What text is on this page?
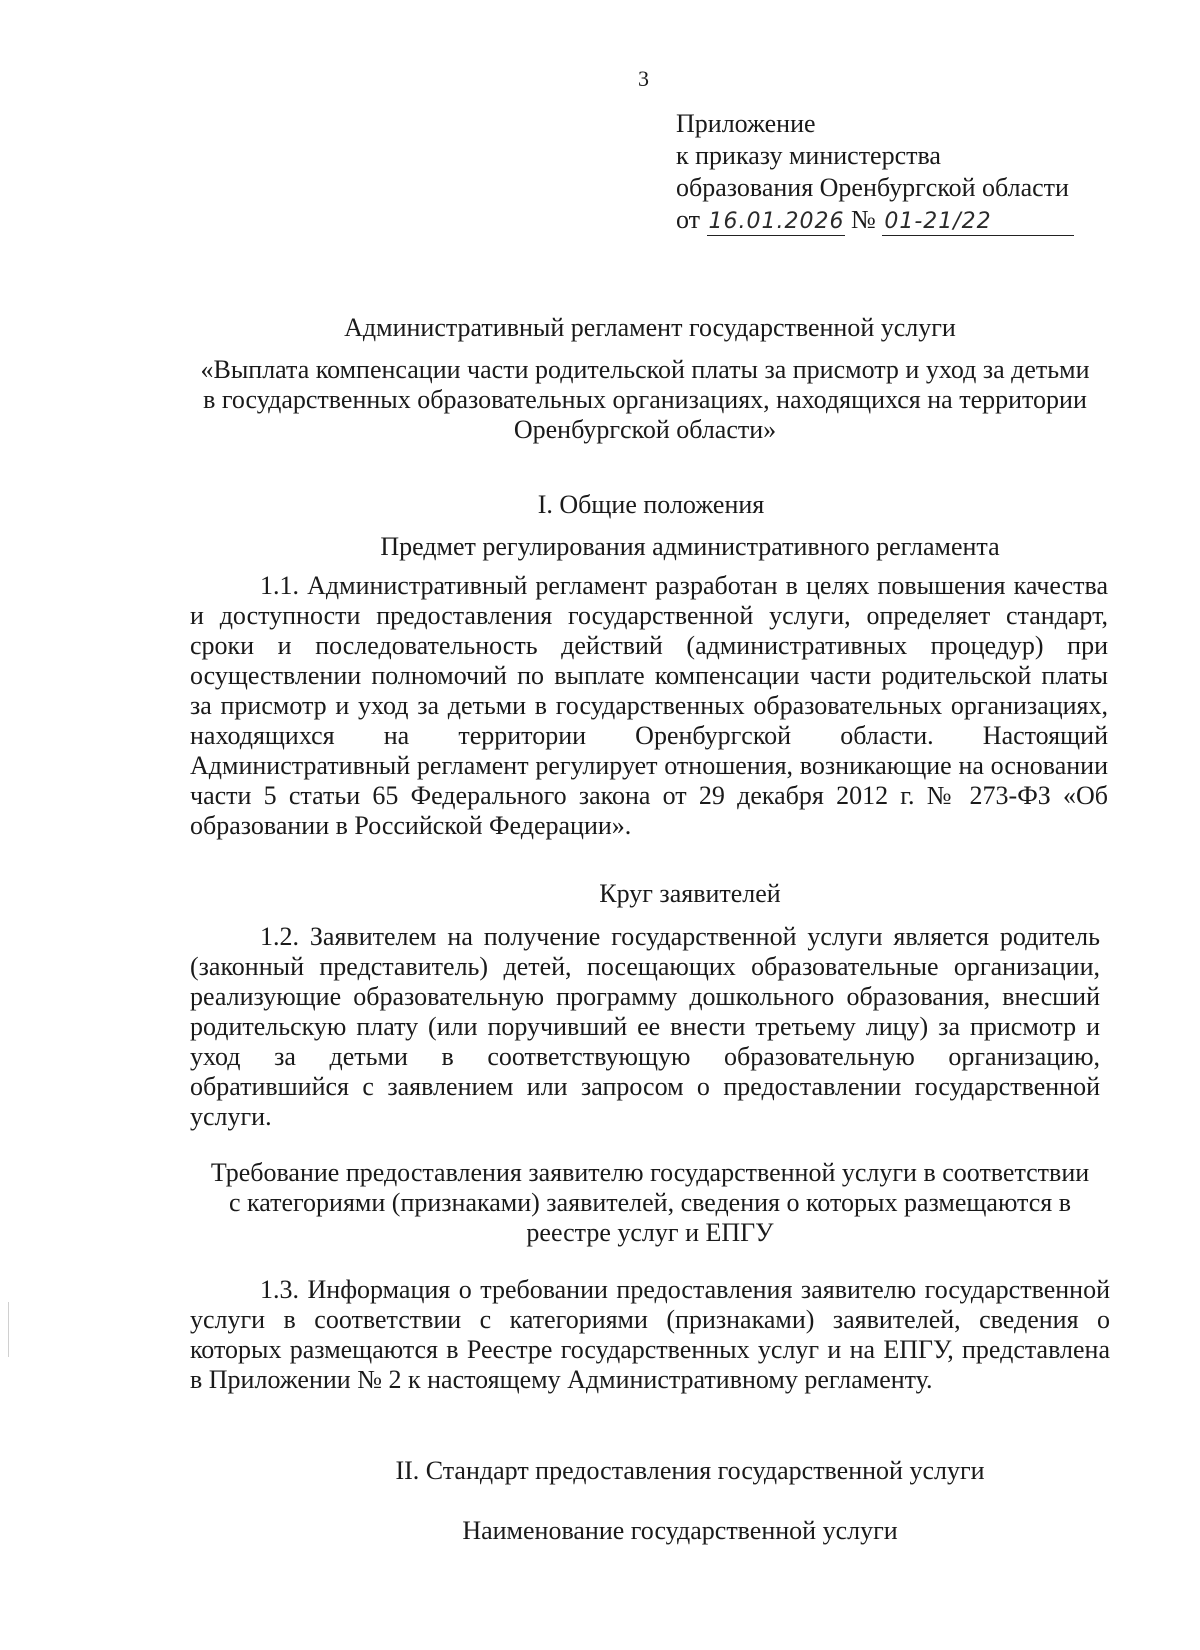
3
Приложение
к приказу министерства
образования Оренбургской области
от 16.01.2026 № 01-21/22
Административный регламент государственной услуги
«Выплата компенсации части родительской платы за присмотр и уход за детьми в государственных образовательных организациях, находящихся на территории Оренбургской области»
I. Общие положения
Предмет регулирования административного регламента
1.1. Административный регламент разработан в целях повышения качества и доступности предоставления государственной услуги, определяет стандарт, сроки и последовательность действий (административных процедур) при осуществлении полномочий по выплате компенсации части родительской платы за присмотр и уход за детьми в государственных образовательных организациях, находящихся на территории Оренбургской области. Настоящий Административный регламент регулирует отношения, возникающие на основании части 5 статьи 65 Федерального закона от 29 декабря 2012 г. № 273-ФЗ «Об образовании в Российской Федерации».
Круг заявителей
1.2. Заявителем на получение государственной услуги является родитель (законный представитель) детей, посещающих образовательные организации, реализующие образовательную программу дошкольного образования, внесший родительскую плату (или поручивший ее внести третьему лицу) за присмотр и уход за детьми в соответствующую образовательную организацию, обратившийся с заявлением или запросом о предоставлении государственной услуги.
Требование предоставления заявителю государственной услуги в соответствии с категориями (признаками) заявителей, сведения о которых размещаются в реестре услуг и ЕПГУ
1.3. Информация о требовании предоставления заявителю государственной услуги в соответствии с категориями (признаками) заявителей, сведения о которых размещаются в Реестре государственных услуг и на ЕПГУ, представлена в Приложении № 2 к настоящему Административному регламенту.
II. Стандарт предоставления государственной услуги
Наименование государственной услуги
